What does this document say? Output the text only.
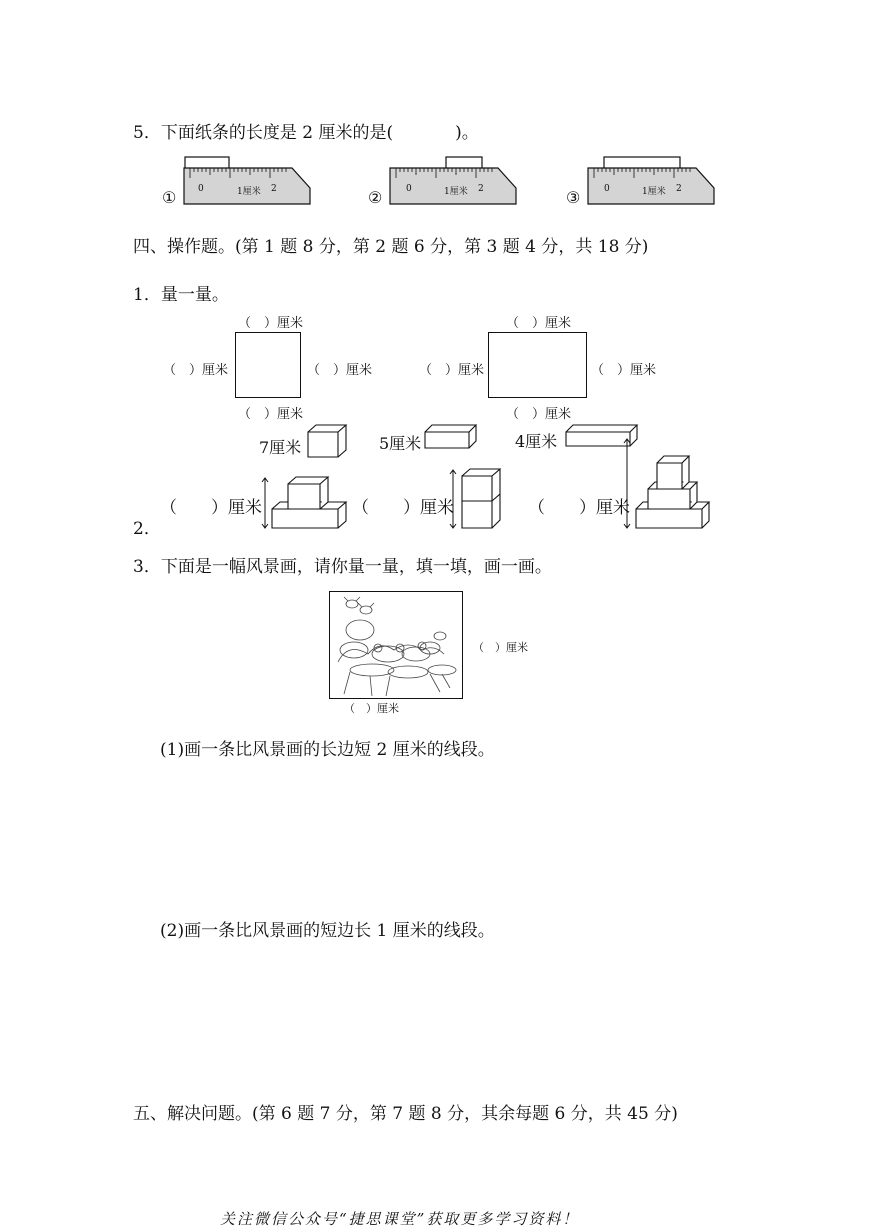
5．下面纸条的长度是 2 厘米的是(	)。
① 0	1厘米 2	②	0	1厘米 2	③	0	1厘米 2
四、操作题。(第 1 题 8 分，第 2 题 6 分，第 3 题 4 分，共 18 分)
1．量一量。
（　）厘米
（　）厘米	（　）厘米
（　）厘米
（　）厘米
（　）厘米	（　）厘米
（　）厘米
7厘米	5厘米	4厘米
2．
（　　）厘米	（　　）厘米	（　　）厘米
3．下面是一幅风景画，请你量一量，填一填，画一画。
（　）厘米
（　）厘米
(1)画一条比风景画的长边短 2 厘米的线段。
(2)画一条比风景画的短边长 1 厘米的线段。
五、解决问题。(第 6 题 7 分，第 7 题 8 分，其余每题 6 分，共 45 分)
关注微信公众号“捷思课堂”获取更多学习资料！
